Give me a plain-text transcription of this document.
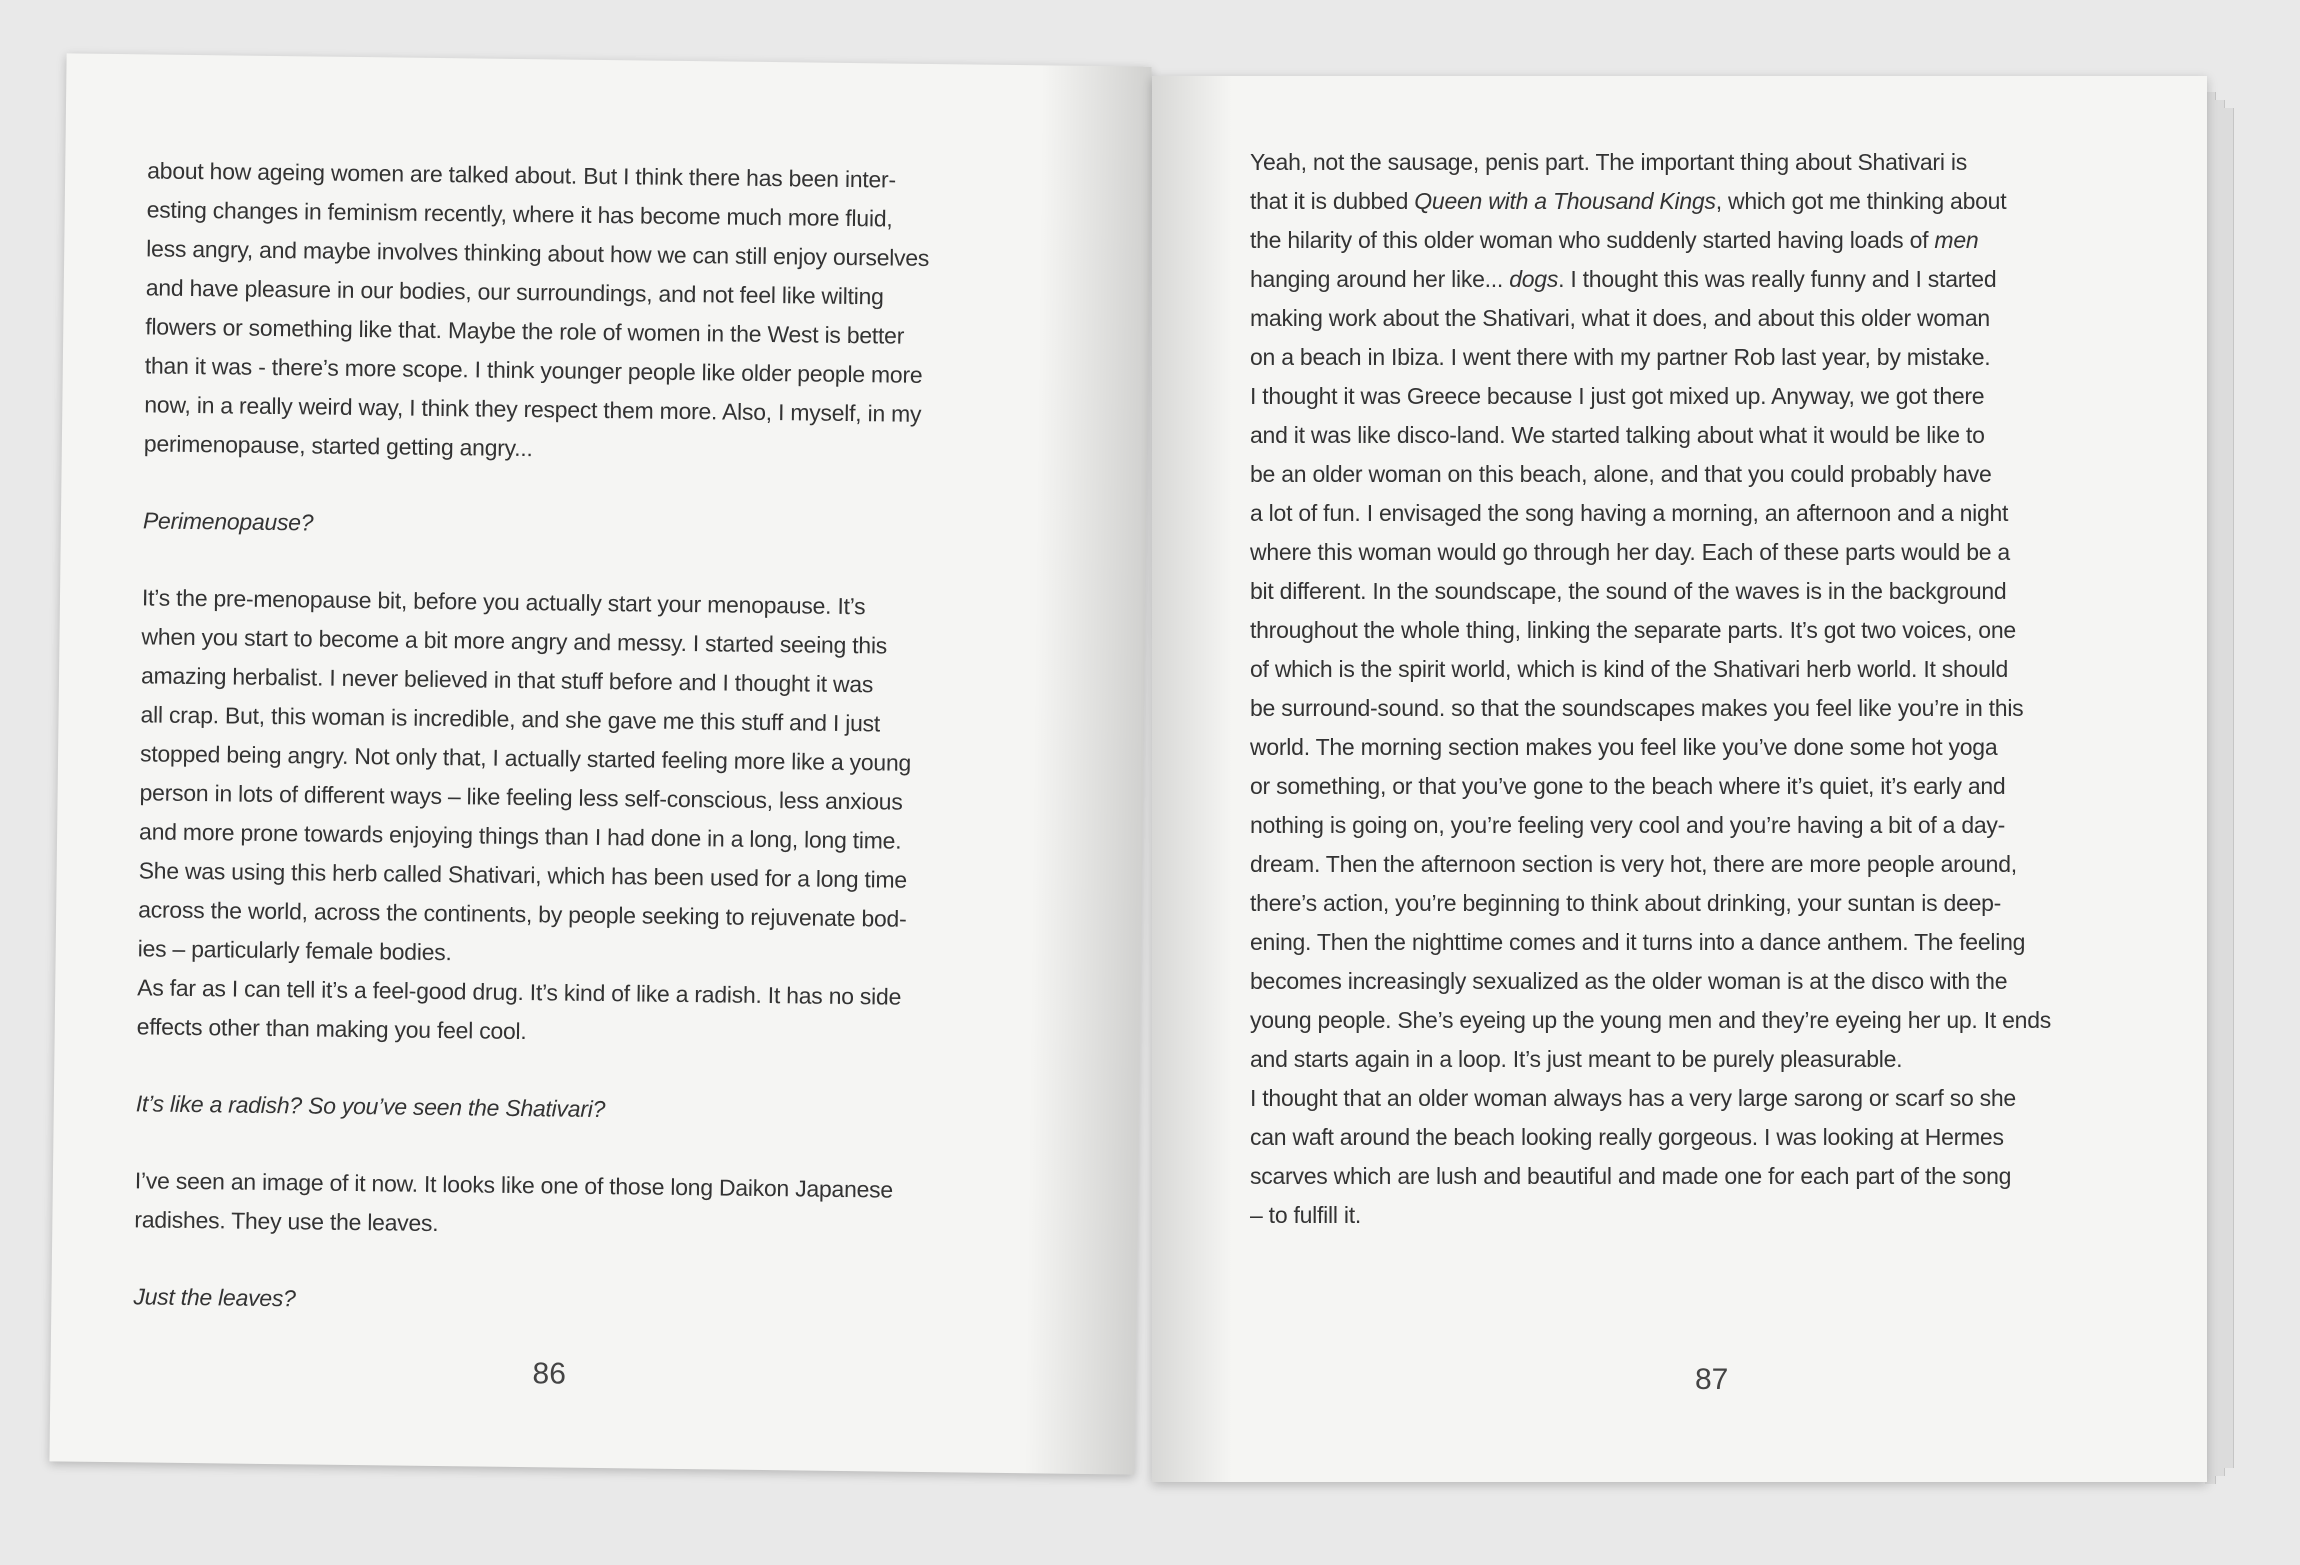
about how ageing women are talked about. But I think there has been inter-
esting changes in feminism recently, where it has become much more fluid,
less angry, and maybe involves thinking about how we can still enjoy ourselves
and have pleasure in our bodies, our surroundings, and not feel like wilting
flowers or something like that. Maybe the role of women in the West is better
than it was - there’s more scope. I think younger people like older people more
now, in a really weird way, I think they respect them more. Also, I myself, in my
perimenopause, started getting angry...
Perimenopause?
It’s the pre-menopause bit, before you actually start your menopause. It’s
when you start to become a bit more angry and messy. I started seeing this
amazing herbalist. I never believed in that stuff before and I thought it was
all crap. But, this woman is incredible, and she gave me this stuff and I just
stopped being angry. Not only that, I actually started feeling more like a young
person in lots of different ways – like feeling less self-conscious, less anxious
and more prone towards enjoying things than I had done in a long, long time.
She was using this herb called Shativari, which has been used for a long time
across the world, across the continents, by people seeking to rejuvenate bod-
ies – particularly female bodies.
As far as I can tell it’s a feel-good drug. It’s kind of like a radish. It has no side
effects other than making you feel cool.
It’s like a radish? So you’ve seen the Shativari?
I’ve seen an image of it now. It looks like one of those long Daikon Japanese
radishes. They use the leaves.
Just the leaves?
86
Yeah, not the sausage, penis part. The important thing about Shativari is
that it is dubbed Queen with a Thousand Kings, which got me thinking about
the hilarity of this older woman who suddenly started having loads of men
hanging around her like... dogs. I thought this was really funny and I started
making work about the Shativari, what it does, and about this older woman
on a beach in Ibiza. I went there with my partner Rob last year, by mistake.
I thought it was Greece because I just got mixed up. Anyway, we got there
and it was like disco-land. We started talking about what it would be like to
be an older woman on this beach, alone, and that you could probably have
a lot of fun. I envisaged the song having a morning, an afternoon and a night
where this woman would go through her day. Each of these parts would be a
bit different. In the soundscape, the sound of the waves is in the background
throughout the whole thing, linking the separate parts. It’s got two voices, one
of which is the spirit world, which is kind of the Shativari herb world. It should
be surround-sound. so that the soundscapes makes you feel like you’re in this
world. The morning section makes you feel like you’ve done some hot yoga
or something, or that you’ve gone to the beach where it’s quiet, it’s early and
nothing is going on, you’re feeling very cool and you’re having a bit of a day-
dream. Then the afternoon section is very hot, there are more people around,
there’s action, you’re beginning to think about drinking, your suntan is deep-
ening. Then the nighttime comes and it turns into a dance anthem. The feeling
becomes increasingly sexualized as the older woman is at the disco with the
young people. She’s eyeing up the young men and they’re eyeing her up. It ends
and starts again in a loop. It’s just meant to be purely pleasurable.
I thought that an older woman always has a very large sarong or scarf so she
can waft around the beach looking really gorgeous. I was looking at Hermes
scarves which are lush and beautiful and made one for each part of the song
– to fulfill it.
87
